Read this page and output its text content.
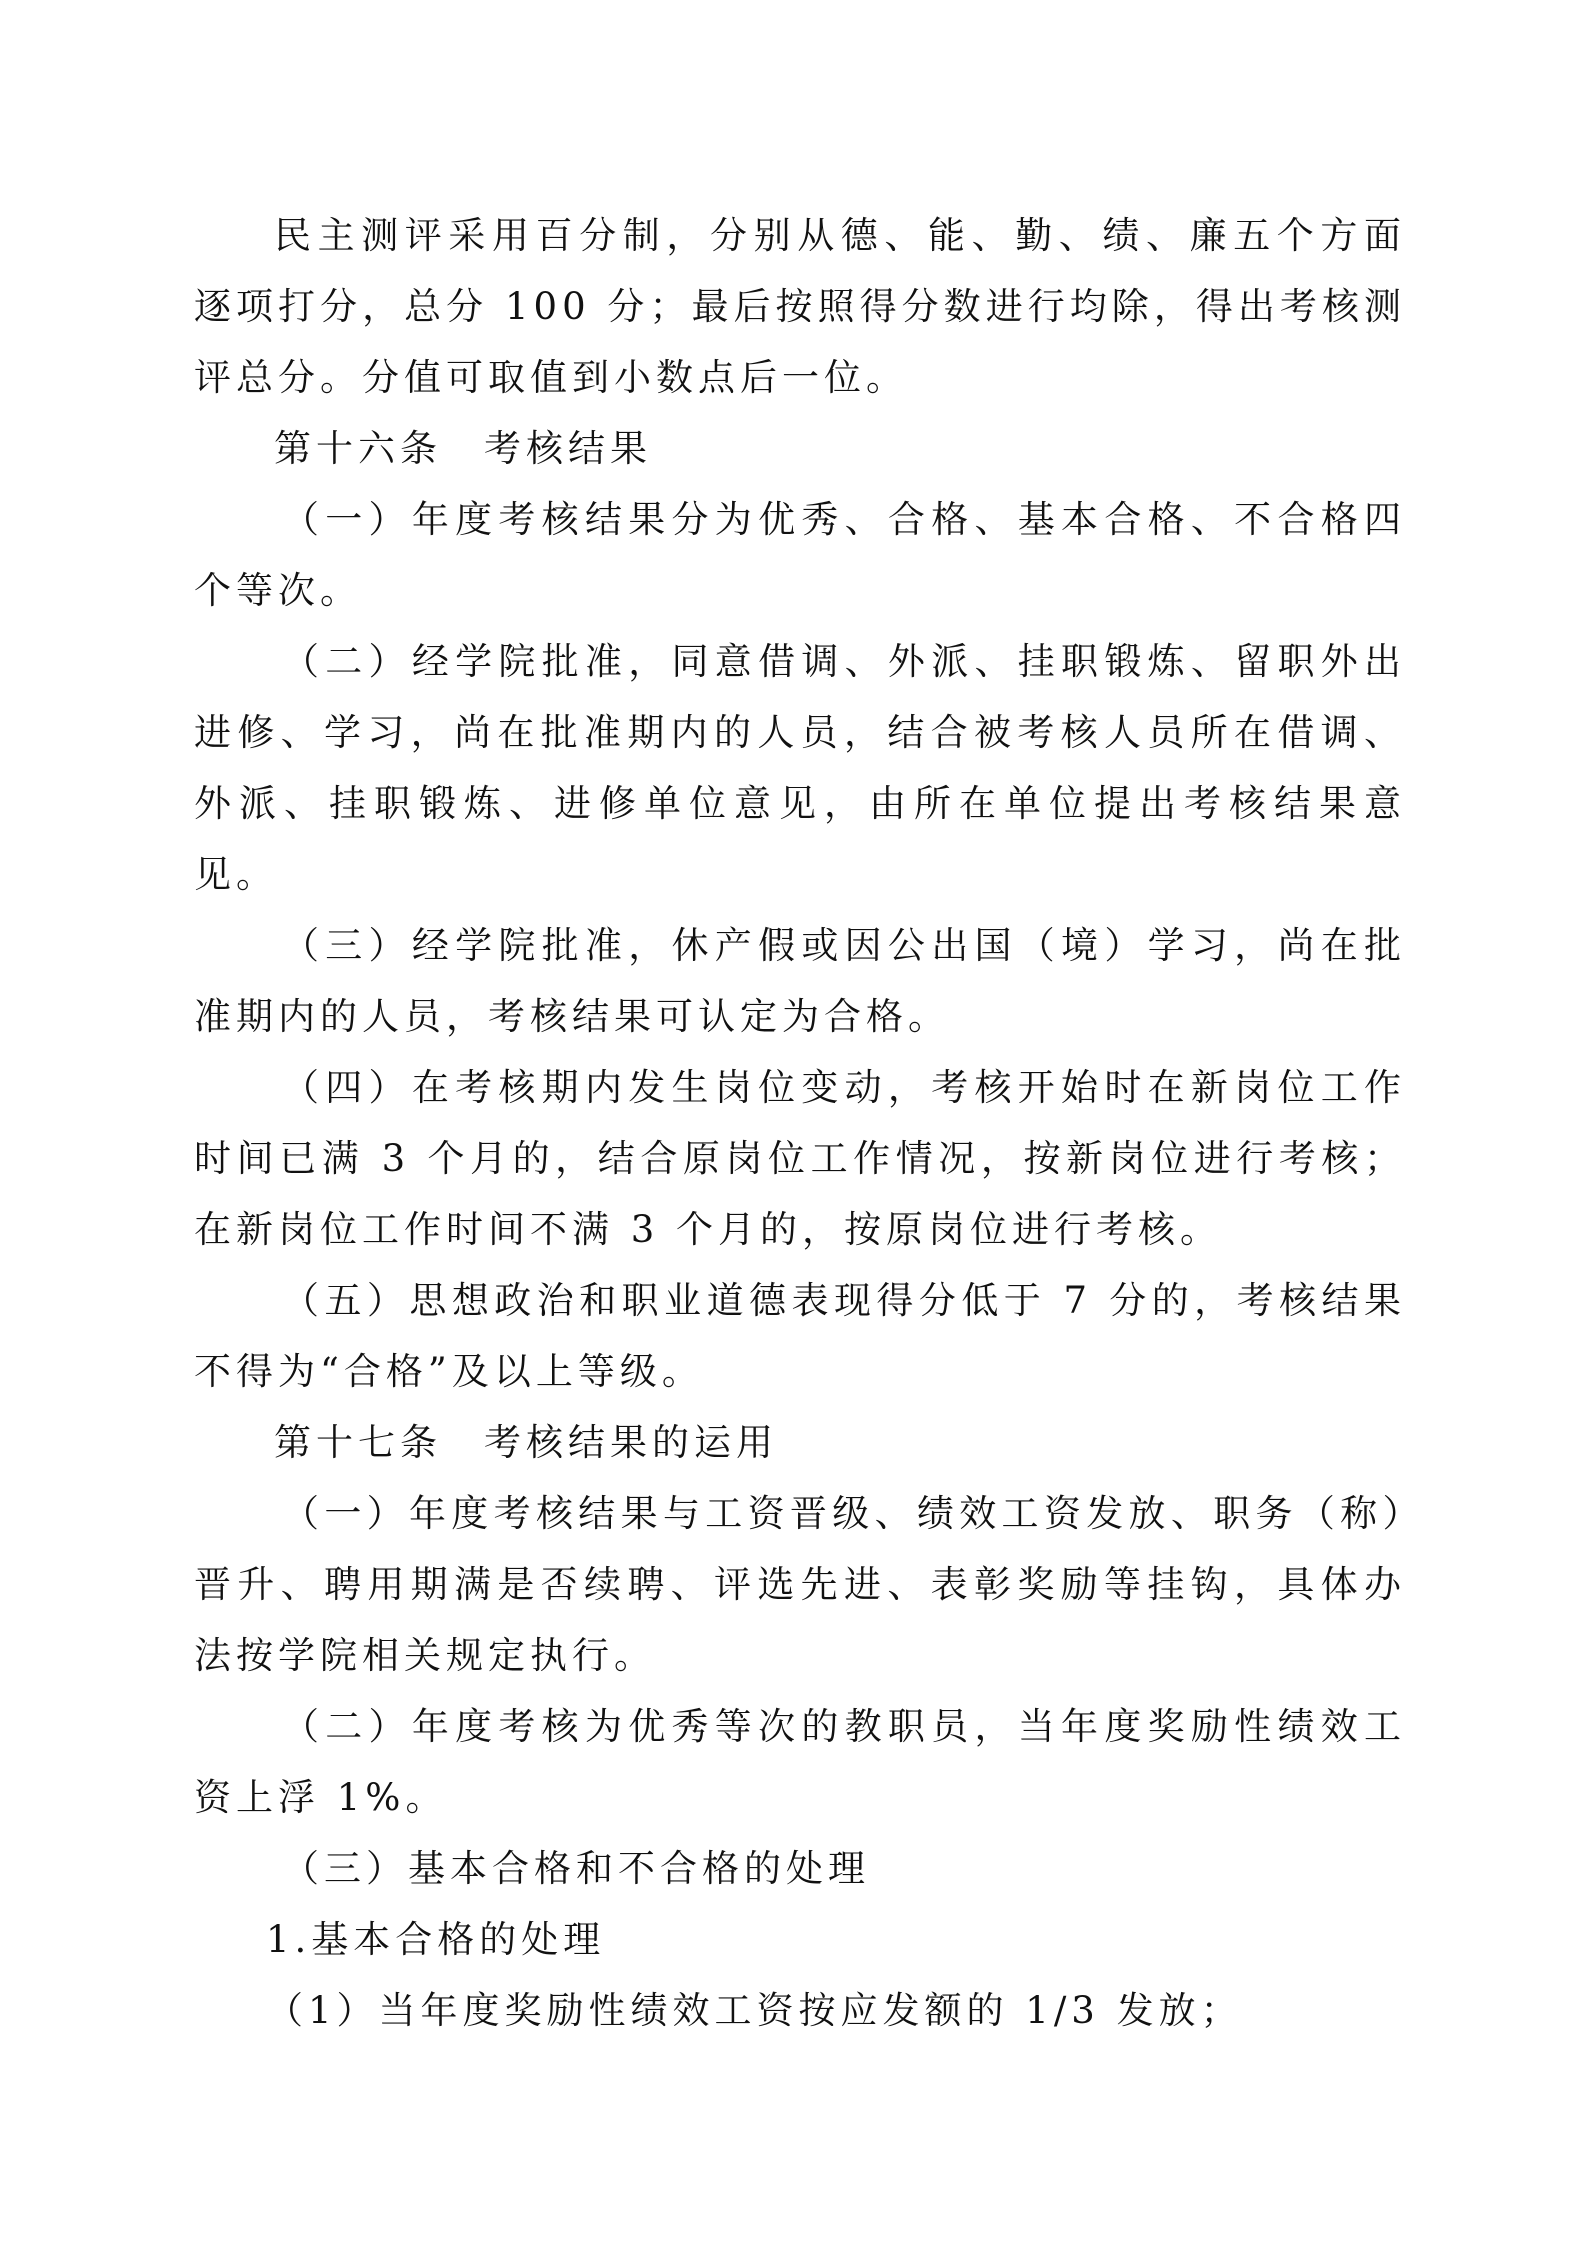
民主测评采用百分制，分别从德、能、勤、绩、廉五个方面逐项打分，总分 100 分；最后按照得分数进行均除，得出考核测评总分。分值可取值到小数点后一位。

第十六条　考核结果

（一）年度考核结果分为优秀、合格、基本合格、不合格四个等次。

（二）经学院批准，同意借调、外派、挂职锻炼、留职外出进修、学习，尚在批准期内的人员，结合被考核人员所在借调、外派、挂职锻炼、进修单位意见，由所在单位提出考核结果意见。

（三）经学院批准，休产假或因公出国（境）学习，尚在批准期内的人员，考核结果可认定为合格。

（四）在考核期内发生岗位变动，考核开始时在新岗位工作时间已满 3 个月的，结合原岗位工作情况，按新岗位进行考核；在新岗位工作时间不满 3 个月的，按原岗位进行考核。

（五）思想政治和职业道德表现得分低于 7 分的，考核结果不得为“合格”及以上等级。

第十七条　考核结果的运用

（一）年度考核结果与工资晋级、绩效工资发放、职务（称）晋升、聘用期满是否续聘、评选先进、表彰奖励等挂钩，具体办法按学院相关规定执行。

（二）年度考核为优秀等次的教职员，当年度奖励性绩效工资上浮 1%。

（三）基本合格和不合格的处理

1.基本合格的处理

（1）当年度奖励性绩效工资按应发额的 1/3 发放；
